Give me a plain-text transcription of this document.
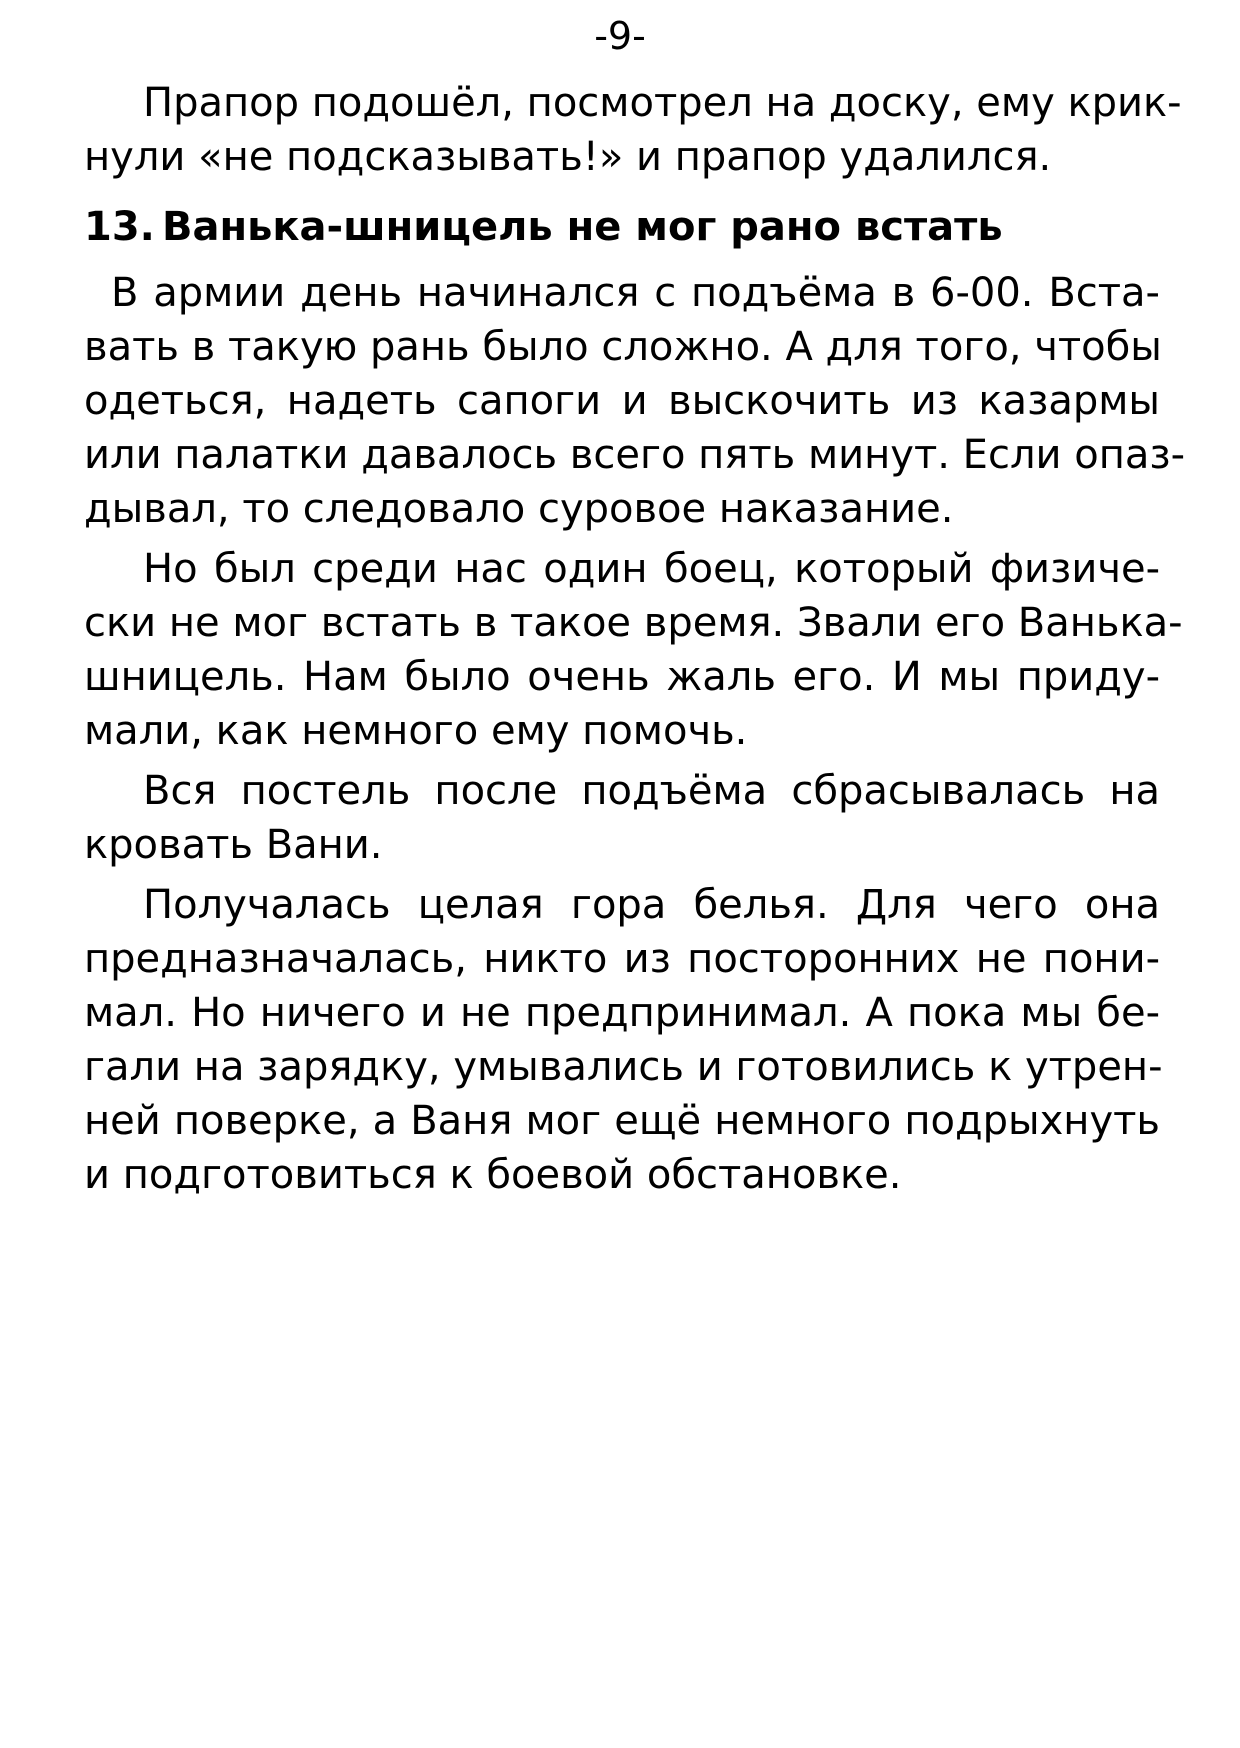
-9-
Прапор подошёл, посмотрел на доску, ему крик-
нули «не подсказывать!» и прапор удалился.
13. Ванька-шницель не мог рано встать
В армии день начинался с подъёма в 6-00. Вста-
вать в такую рань было сложно. А для того, чтобы
одеться, надеть сапоги и выскочить из казармы
или палатки давалось всего пять минут. Если опаз-
дывал, то следовало суровое наказание.
Но был среди нас один боец, который физиче-
ски не мог встать в такое время. Звали его Ванька-
шницель. Нам было очень жаль его. И мы приду-
мали, как немного ему помочь.
Вся постель после подъёма сбрасывалась на
кровать Вани.
Получалась целая гора белья. Для чего она
предназначалась, никто из посторонних не пони-
мал. Но ничего и не предпринимал. А пока мы бе-
гали на зарядку, умывались и готовились к утрен-
ней поверке, а Ваня мог ещё немного подрыхнуть
и подготовиться к боевой обстановке.
